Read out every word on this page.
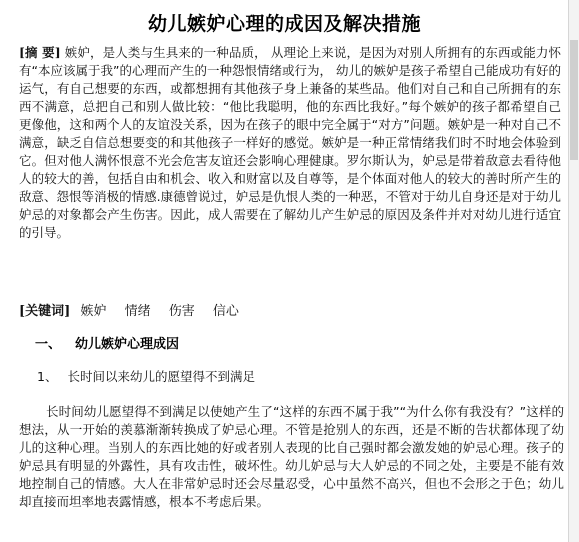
幼儿嫉妒心理的成因及解决措施
[摘 要] 嫉妒，是人类与生具来的一种品质， 从理论上来说，是因为对别人所拥有的东西或能力怀有“本应该属于我”的心理而产生的一种怨恨情绪或行为， 幼儿的嫉妒是孩子希望自己能成功有好的运气，有自己想要的东西，或都想拥有其他孩子身上兼备的某些品。他们对自己和自己所拥有的东西不满意，总把自己和别人做比较：“他比我聪明，他的东西比我好。”每个嫉妒的孩子都希望自己更像他，这和两个人的友谊没关系，因为在孩子的眼中完全属于“对方”问题。嫉妒是一种对自己不满意，缺乏自信总想要变的和其他孩子一样好的感觉。嫉妒是一种正常情绪我们时不时地会体验到它。但对他人满怀恨意不光会危害友谊还会影响心理健康。罗尔斯认为，妒忌是带着敌意去看待他人的较大的善，包括自由和机会、收入和财富以及自尊等，是个体面对他人的较大的善时所产生的敌意、怨恨等消极的情感.康德曾说过，妒忌是仇恨人类的一种恶，不管对于幼儿自身还是对于幼儿妒忌的对象都会产生伤害。因此，成人需要在了解幼儿产生妒忌的原因及条件并对对幼儿进行适宜的引导。
[关键词] 嫉妒 情绪 伤害 信心
一、 幼儿嫉妒心理成因
1、 长时间以来幼儿的愿望得不到满足
长时间幼儿愿望得不到满足以使她产生了“这样的东西不属于我”“为什么你有我没有？”这样的想法，从一开始的羡慕渐渐转换成了妒忌心理。不管是抢别人的东西，还是不断的告状都体现了幼儿的这种心理。当别人的东西比她的好或者别人表现的比自己强时都会激发她的妒忌心理。孩子的妒忌具有明显的外露性，具有攻击性，破坏性。幼儿妒忌与大人妒忌的不同之处，主要是不能有效地控制自己的情感。大人在非常妒忌时还会尽量忍受，心中虽然不高兴，但也不会形之于色；幼儿却直接而坦率地表露情感，根本不考虑后果。
